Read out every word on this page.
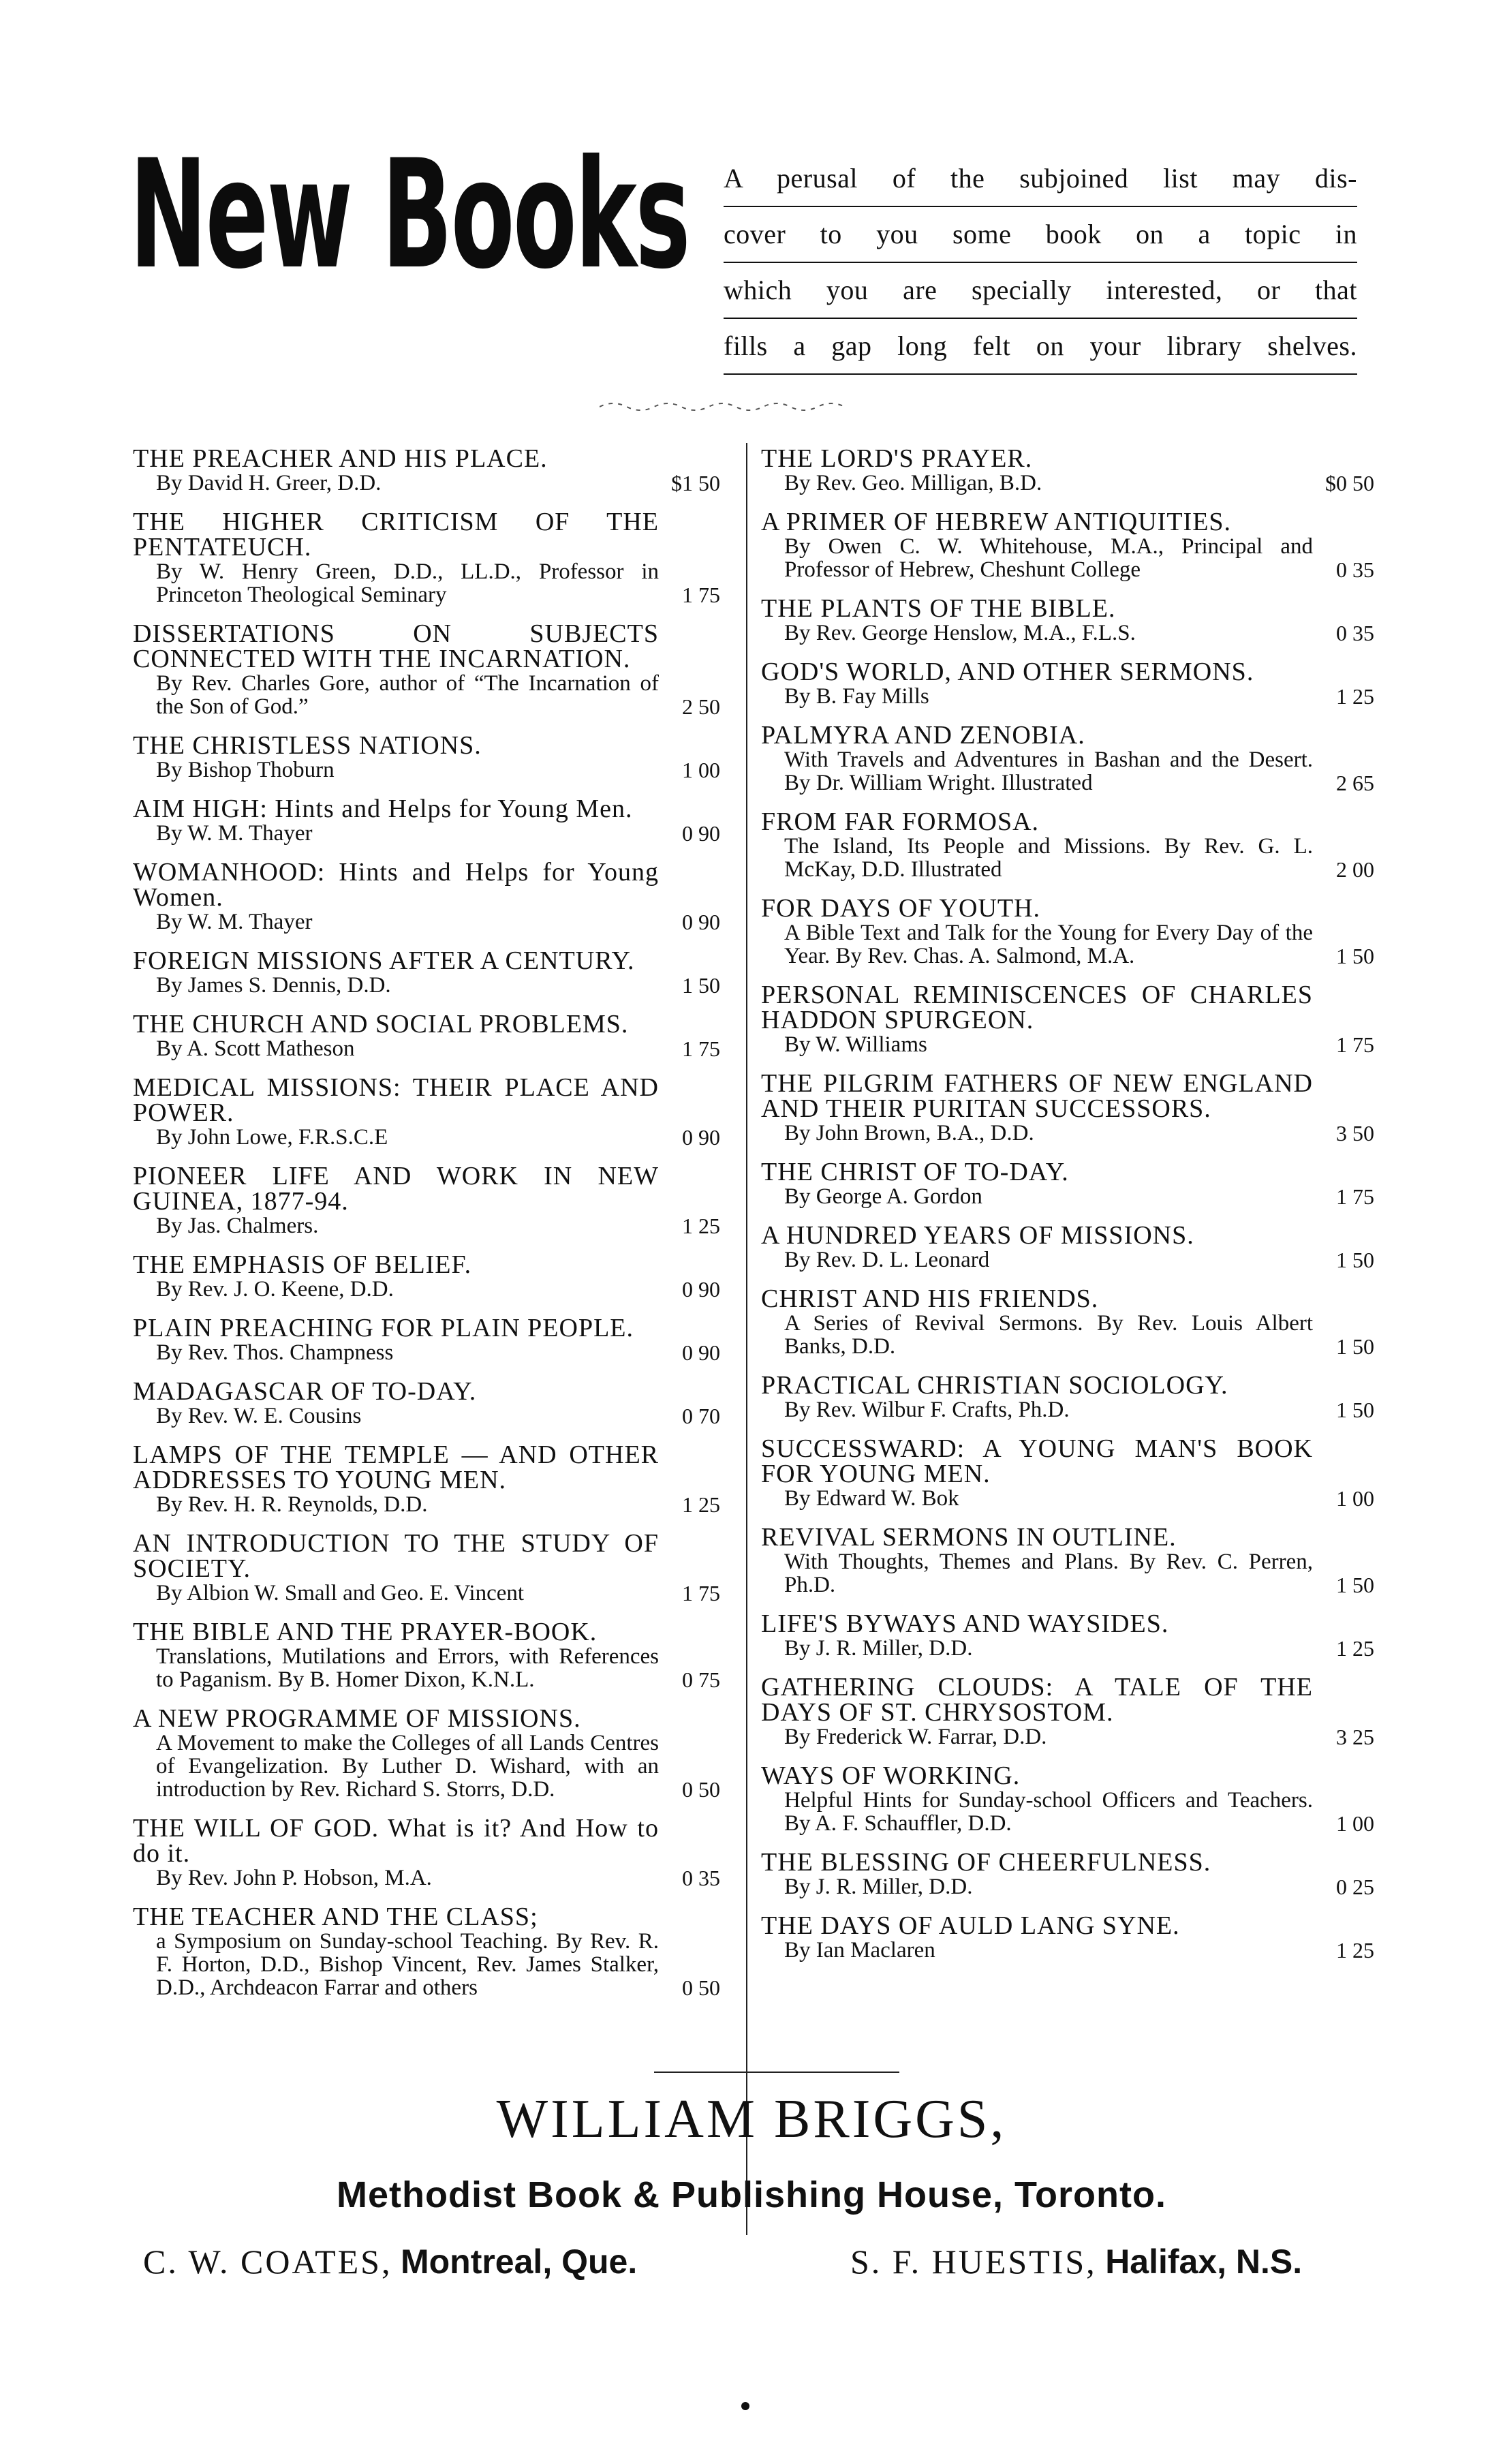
New Books A perusal of the subjoined list may dis-
cover to you some book on a topic in
which you are specially interested, or that
fills a gap long felt on your library shelves.
THE PREACHER AND HIS PLACE.
By David H. Greer, D.D.	$1 50
THE HIGHER CRITICISM OF THE PENTATEUCH.
By W. Henry Green, D.D., LL.D., Professor in Princeton Theological Seminary	1 75
DISSERTATIONS ON SUBJECTS CONNECTED WITH THE INCARNATION.
By Rev. Charles Gore, author of “The Incarnation of the Son of God.”	2 50
THE CHRISTLESS NATIONS.
By Bishop Thoburn	1 00
AIM HIGH: Hints and Helps for Young Men.
By W. M. Thayer	0 90
WOMANHOOD: Hints and Helps for Young Women.
By W. M. Thayer	0 90
FOREIGN MISSIONS AFTER A CENTURY.
By James S. Dennis, D.D.	1 50
THE CHURCH AND SOCIAL PROBLEMS.
By A. Scott Matheson	1 75
MEDICAL MISSIONS: THEIR PLACE AND POWER.
By John Lowe, F.R.S.C.E	0 90
PIONEER LIFE AND WORK IN NEW GUINEA, 1877-94.
By Jas. Chalmers.	1 25
THE EMPHASIS OF BELIEF.
By Rev. J. O. Keene, D.D.	0 90
PLAIN PREACHING FOR PLAIN PEOPLE.
By Rev. Thos. Champness	0 90
MADAGASCAR OF TO-DAY.
By Rev. W. E. Cousins	0 70
LAMPS OF THE TEMPLE — AND OTHER ADDRESSES TO YOUNG MEN.
By Rev. H. R. Reynolds, D.D.	1 25
AN INTRODUCTION TO THE STUDY OF SOCIETY.
By Albion W. Small and Geo. E. Vincent	1 75
THE BIBLE AND THE PRAYER-BOOK.
Translations, Mutilations and Errors, with References to Paganism. By B. Homer Dixon, K.N.L.	0 75
A NEW PROGRAMME OF MISSIONS.
A Movement to make the Colleges of all Lands Centres of Evangelization. By Luther D. Wishard, with an introduction by Rev. Richard S. Storrs, D.D.	0 50
THE WILL OF GOD. What is it? And How to do it.
By Rev. John P. Hobson, M.A.	0 35
THE TEACHER AND THE CLASS;
a Symposium on Sunday-school Teaching. By Rev. R. F. Horton, D.D., Bishop Vincent, Rev. James Stalker, D.D., Archdeacon Farrar and others	0 50
THE LORD'S PRAYER.
By Rev. Geo. Milligan, B.D.	$0 50
A PRIMER OF HEBREW ANTIQUITIES.
By Owen C. W. Whitehouse, M.A., Principal and Professor of Hebrew, Cheshunt College	0 35
THE PLANTS OF THE BIBLE.
By Rev. George Henslow, M.A., F.L.S.	0 35
GOD'S WORLD, AND OTHER SERMONS.
By B. Fay Mills	1 25
PALMYRA AND ZENOBIA.
With Travels and Adventures in Bashan and the Desert. By Dr. William Wright. Illustrated	2 65
FROM FAR FORMOSA.
The Island, Its People and Missions. By Rev. G. L. McKay, D.D. Illustrated	2 00
FOR DAYS OF YOUTH.
A Bible Text and Talk for the Young for Every Day of the Year. By Rev. Chas. A. Salmond, M.A.	1 50
PERSONAL REMINISCENCES OF CHARLES HADDON SPURGEON.
By W. Williams	1 75
THE PILGRIM FATHERS OF NEW ENGLAND AND THEIR PURITAN SUCCESSORS.
By John Brown, B.A., D.D.	3 50
THE CHRIST OF TO-DAY.
By George A. Gordon	1 75
A HUNDRED YEARS OF MISSIONS.
By Rev. D. L. Leonard	1 50
CHRIST AND HIS FRIENDS.
A Series of Revival Sermons. By Rev. Louis Albert Banks, D.D.	1 50
PRACTICAL CHRISTIAN SOCIOLOGY.
By Rev. Wilbur F. Crafts, Ph.D.	1 50
SUCCESSWARD: A YOUNG MAN'S BOOK FOR YOUNG MEN.
By Edward W. Bok	1 00
REVIVAL SERMONS IN OUTLINE.
With Thoughts, Themes and Plans. By Rev. C. Perren, Ph.D.	1 50
LIFE'S BYWAYS AND WAYSIDES.
By J. R. Miller, D.D.	1 25
GATHERING CLOUDS: A TALE OF THE DAYS OF ST. CHRYSOSTOM.
By Frederick W. Farrar, D.D.	3 25
WAYS OF WORKING.
Helpful Hints for Sunday-school Officers and Teachers. By A. F. Schauffler, D.D.	1 00
THE BLESSING OF CHEERFULNESS.
By J. R. Miller, D.D.	0 25
THE DAYS OF AULD LANG SYNE.
By Ian Maclaren	1 25
WILLIAM BRIGGS,
Methodist Book & Publishing House, Toronto.
C. W. COATES, Montreal, Que.	S. F. HUESTIS, Halifax, N.S.
